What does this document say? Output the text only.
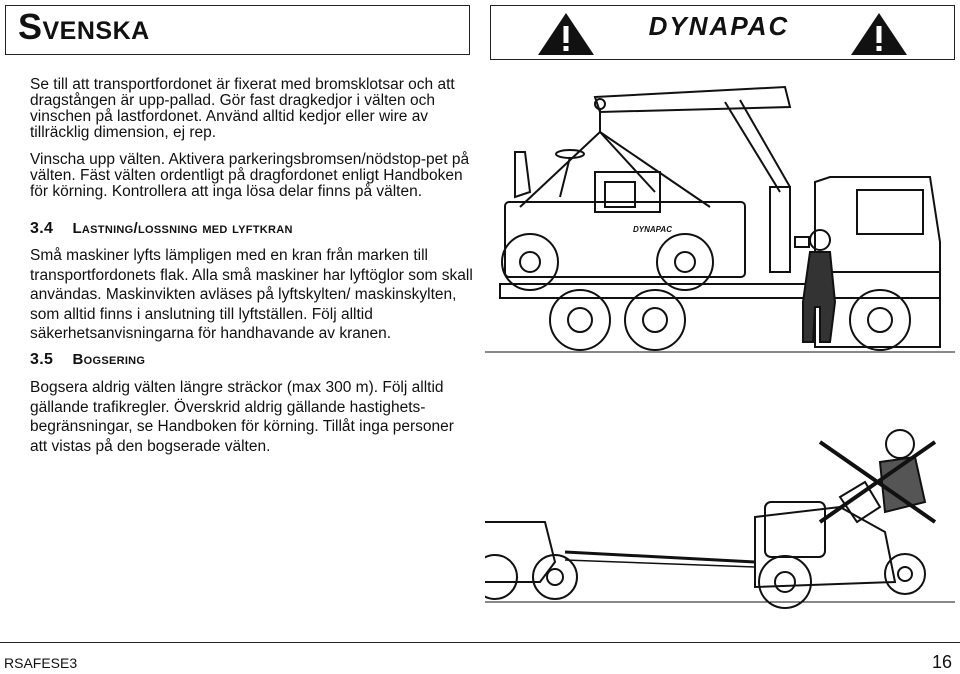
Svenska	DYNAPAC

Se till att transportfordonet är fixerat med bromsklotsar och att dragstången är upp-pallad. Gör fast dragkedjor i välten och vinschen på lastfordonet. Använd alltid kedjor eller wire av tillräcklig dimension, ej rep.

Vinscha upp välten. Aktivera parkeringsbromsen/nödstop-pet på välten. Fäst välten ordentligt på dragfordonet enligt Handboken för körning. Kontrollera att inga lösa delar finns på välten.

3.4 Lastning/lossning med lyftkran
Små maskiner lyfts lämpligen med en kran från marken till transportfordonets flak. Alla små maskiner har lyftöglor som skall användas. Maskinvikten avläses på lyftskylten/ maskinskylten, som alltid finns i anslutning till lyftställen. Följ alltid säkerhetsanvisningarna för handhavande av kranen.
3.5 Bogsering
Bogsera aldrig välten längre sträckor (max 300 m). Följ alltid gällande trafikregler. Överskrid aldrig gällande hastighets-begränsningar, se Handboken för körning. Tillåt inga personer att vistas på den bogserade välten.
DYNAPAC
RSAFESE3	16
